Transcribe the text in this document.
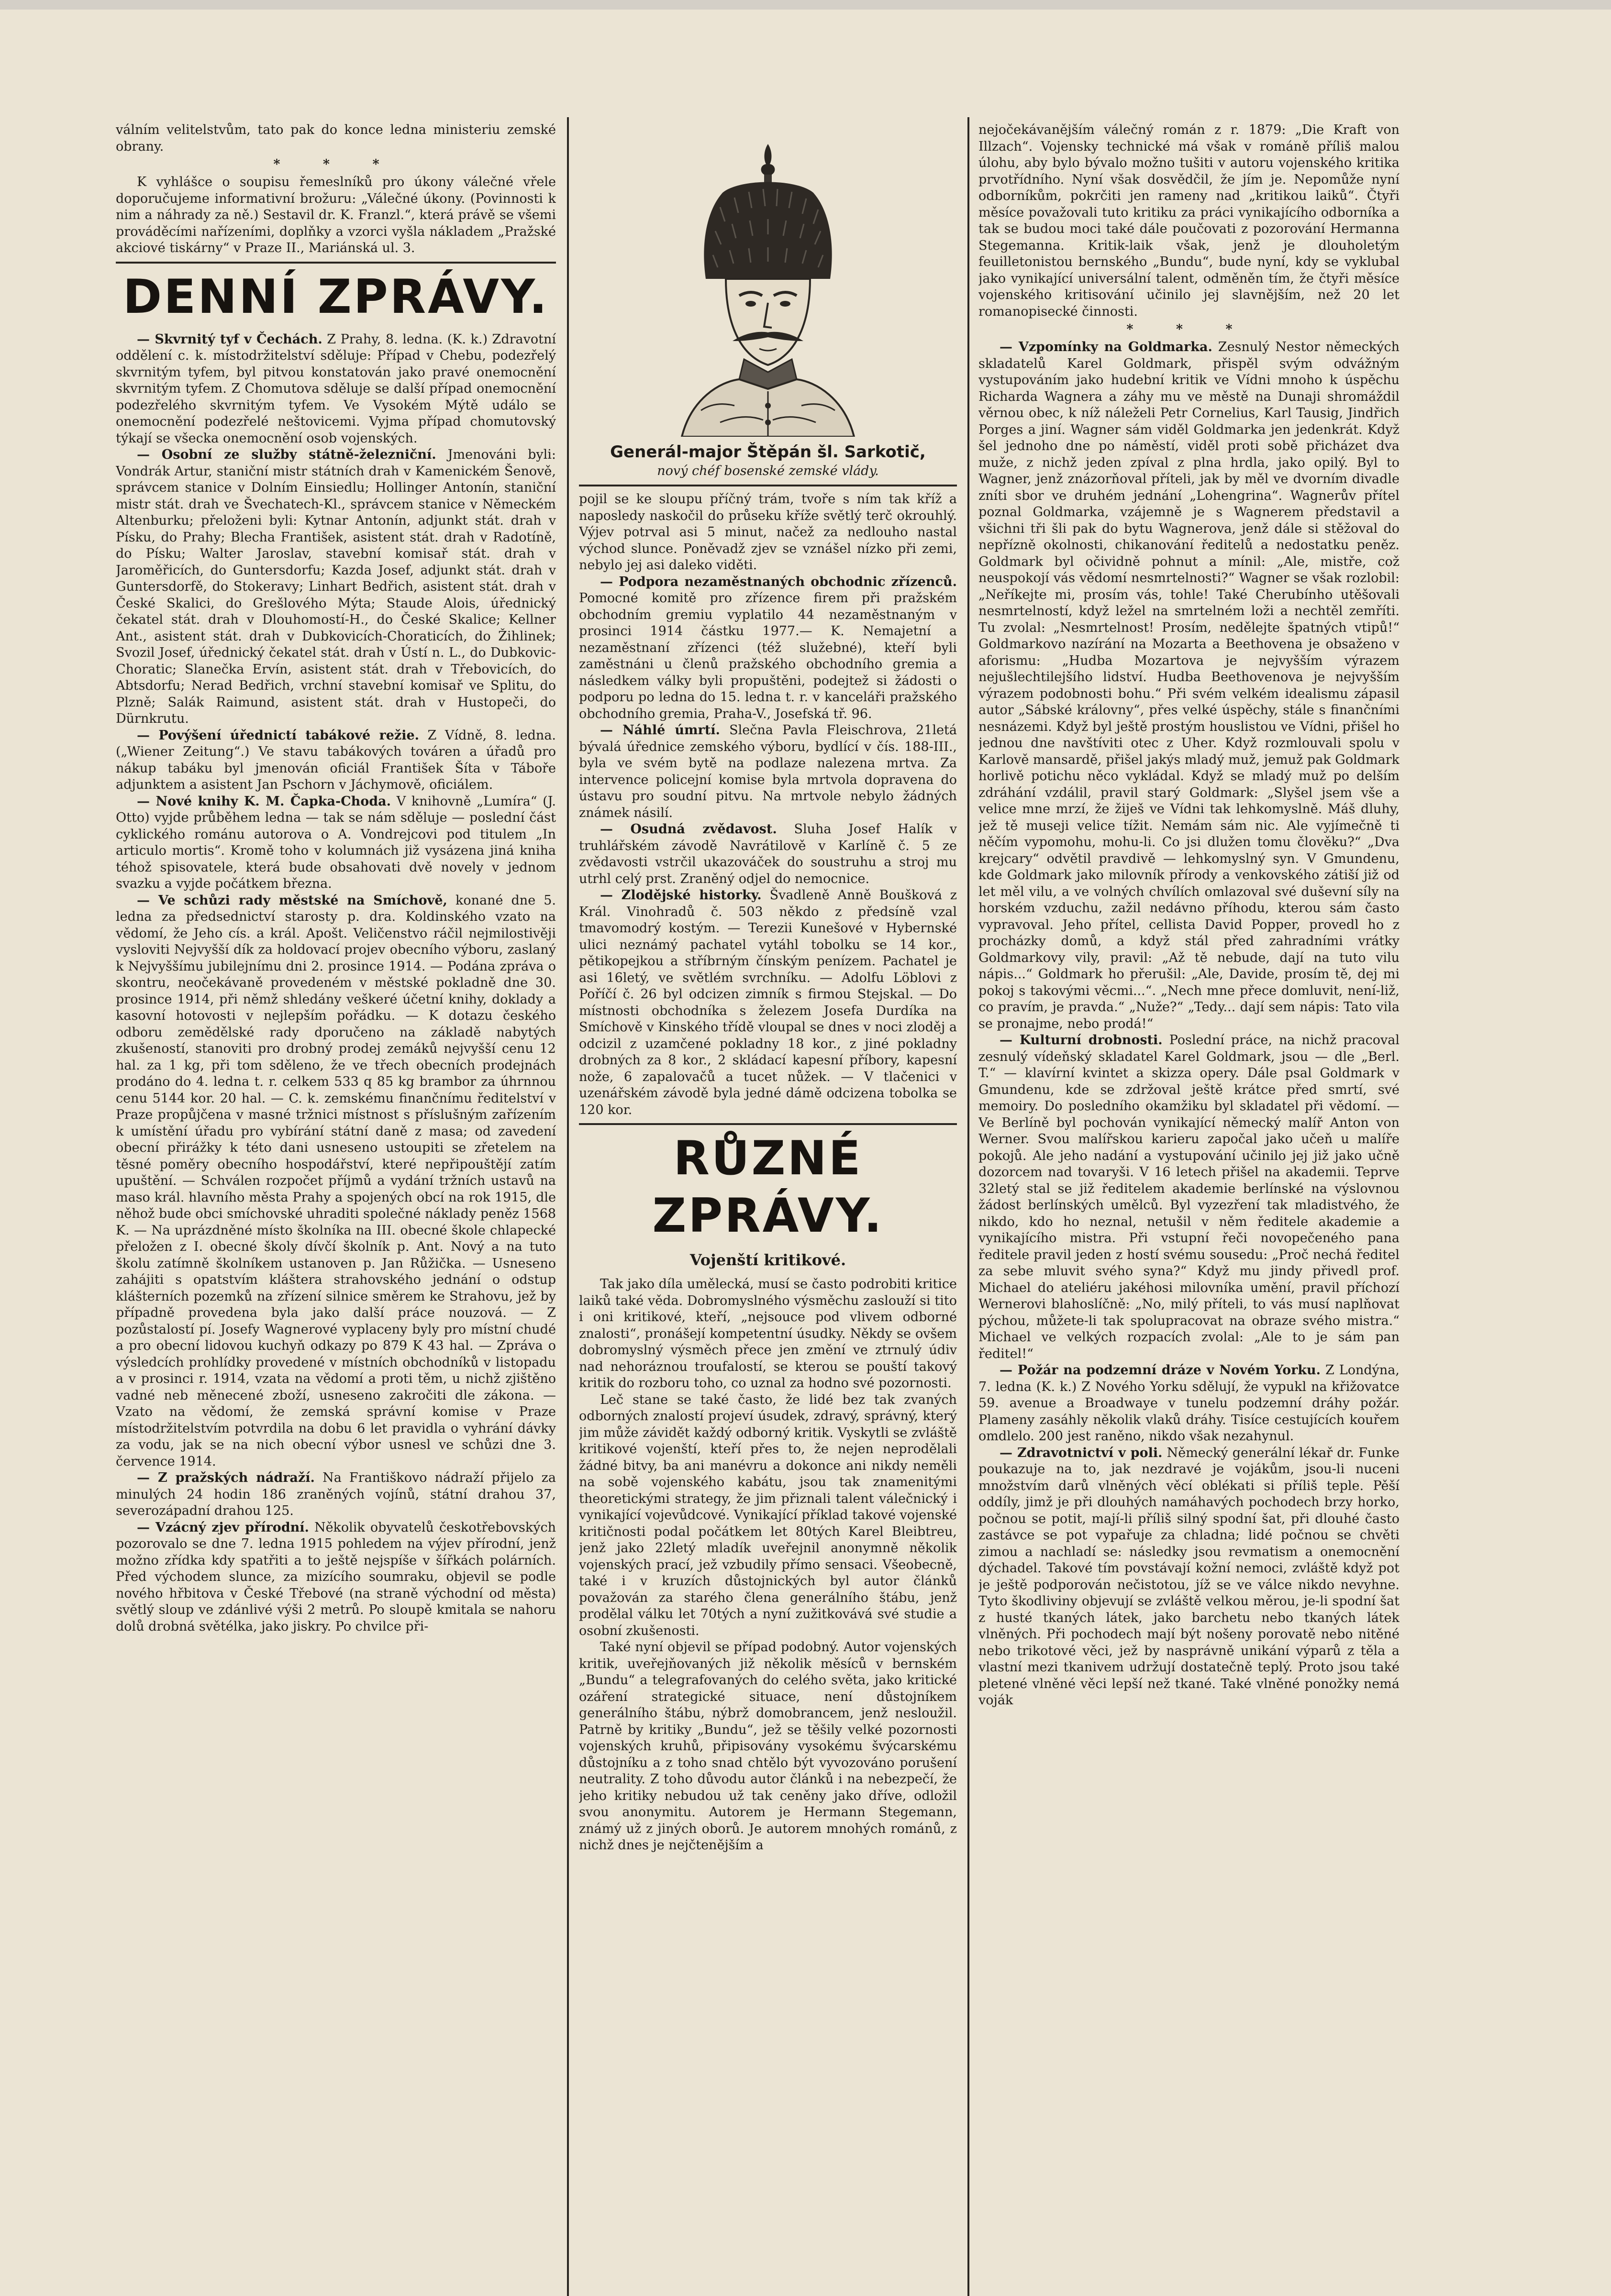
válním velitelstvům, tato pak do konce ledna ministeriu zemské obrany.

* * *

K vyhlášce o soupisu řemeslníků pro úkony válečné vřele doporučujeme informativní brožuru: „Válečné úkony. (Povinnosti k nim a náhrady za ně.) Sestavil dr. K. Franzl.“, která právě se všemi prováděcími nařízeními, doplňky a vzorci vyšla nákladem „Pražské akciové tiskárny“ v Praze II., Mariánská ul. 3.

DENNÍ ZPRÁVY.

— Skvrnitý tyf v Čechách. Z Prahy, 8. ledna. (K. k.) Zdravotní oddělení c. k. místodržitelství sděluje: Případ v Chebu, podezřelý skvrnitým tyfem, byl pitvou konstatován jako pravé onemocnění skvrnitým tyfem. Z Chomutova sděluje se další případ onemocnění podezřelého skvrnitým tyfem. Ve Vysokém Mýtě událo se onemocnění podezřelé neštovicemi. Vyjma případ chomutovský týkají se všecka onemocnění osob vojenských.

— Osobní ze služby státně-železniční. Jmenováni byli: Vondrák Artur, staniční mistr státních drah v Kamenickém Šenově, správcem stanice v Dolním Einsiedlu; Hollinger Antonín, staniční mistr stát. drah ve Švechatech-Kl., správcem stanice v Německém Altenburku; přeloženi byli: Kytnar Antonín, adjunkt stát. drah v Písku, do Prahy; Blecha František, asistent stát. drah v Radotíně, do Písku; Walter Jaroslav, stavební komisař stát. drah v Jaroměřicích, do Guntersdorfu; Kazda Josef, adjunkt stát. drah v Guntersdorfě, do Stokeravy; Linhart Bedřich, asistent stát. drah v České Skalici, do Grešlového Mýta; Staude Alois, úřednický čekatel stát. drah v Dlouhomostí-H., do České Skalice; Kellner Ant., asistent stát. drah v Dubkovicích-Choraticích, do Žihlinek; Svozil Josef, úřednický čekatel stát. drah v Ústí n. L., do Dubkovic-Choratic; Slanečka Ervín, asistent stát. drah v Třebovicích, do Abtsdorfu; Nerad Bedřich, vrchní stavební komisař ve Splitu, do Plzně; Salák Raimund, asistent stát. drah v Hustopeči, do Dürnkrutu.

— Povýšení úřednictí tabákové režie. Z Vídně, 8. ledna. („Wiener Zeitung“.) Ve stavu tabákových továren a úřadů pro nákup tabáku byl jmenován oficiál František Šíta v Táboře adjunktem a asistent Jan Pschorn v Jáchymově, oficiálem.

— Nové knihy K. M. Čapka-Choda. V knihovně „Lumíra“ (J. Otto) vyjde průběhem ledna — tak se nám sděluje — poslední část cyklického románu autorova o A. Vondrejcovi pod titulem „In articulo mortis“. Kromě toho v kolumnách již vysázena jiná kniha téhož spisovatele, která bude obsahovati dvě novely v jednom svazku a vyjde počátkem března.

— Ve schůzi rady městské na Smíchově, konané dne 5. ledna za předsednictví starosty p. dra. Koldinského vzato na vědomí, že Jeho cís. a král. Apošt. Veličenstvo ráčil nejmilostivěji vysloviti Nejvyšší dík za holdovací projev obecního výboru, zaslaný k Nejvyššímu jubilejnímu dni 2. prosince 1914. — Podána zpráva o skontru, neočekávaně provedeném v městské pokladně dne 30. prosince 1914, při němž shledány veškeré účetní knihy, doklady a kasovní hotovosti v nejlepším pořádku. — K dotazu českého odboru zemědělské rady dporučeno na základě nabytých zkušeností, stanoviti pro drobný prodej zemáků nejvyšší cenu 12 hal. za 1 kg, při tom sděleno, že ve třech obecních prodejnách prodáno do 4. ledna t. r. celkem 533 q 85 kg brambor za úhrnnou cenu 5144 kor. 20 hal. — C. k. zemskému finančnímu ředitelství v Praze propůjčena v masné tržnici místnost s příslušným zařízením k umístění úřadu pro vybírání státní daně z masa; od zavedení obecní přirážky k této dani usneseno ustoupiti se zřetelem na těsné poměry obecního hospodářství, které nepřipouštějí zatím upuštění. — Schválen rozpočet příjmů a vydání tržních ustavů na maso král. hlavního města Prahy a spojených obcí na rok 1915, dle něhož bude obci smíchovské uhraditi společné náklady peněz 1568 K. — Na uprázdněné místo školníka na III. obecné škole chlapecké přeložen z I. obecné školy dívčí školník p. Ant. Nový a na tuto školu zatímně školníkem ustanoven p. Jan Růžička. — Usneseno zahájiti s opatstvím kláštera strahovského jednání o odstup klášterních pozemků na zřízení silnice směrem ke Strahovu, jež by případně provedena byla jako další práce nouzová. — Z pozůstalostí pí. Josefy Wagnerové vyplaceny byly pro místní chudé a pro obecní lidovou kuchyň odkazy po 879 K 43 hal. — Zpráva o výsledcích prohlídky provedené v místních obchodníků v listopadu a v prosinci r. 1914, vzata na vědomí a proti těm, u nichž zjištěno vadné neb měnecené zboží, usneseno zakročiti dle zákona. — Vzato na vědomí, že zemská správní komise v Praze místodržitelstvím potvrdila na dobu 6 let pravidla o vyhrání dávky za vodu, jak se na nich obecní výbor usnesl ve schůzi dne 3. července 1914.

— Z pražských nádraží. Na Františkovo nádraží přijelo za minulých 24 hodin 186 zraněných vojínů, státní drahou 37, severozápadní drahou 125.

— Vzácný zjev přírodní. Několik obyvatelů českotřebovských pozorovalo se dne 7. ledna 1915 pohledem na výjev přírodní, jenž možno zřídka kdy spatřiti a to ještě nejspíše v šířkách polárních. Před východem slunce, za mizícího soumraku, objevil se podle nového hřbitova v České Třebové (na straně východní od města) světlý sloup ve zdánlivé výši 2 metrů. Po sloupě kmitala se nahoru dolů drobná světélka, jako jiskry. Po chvilce při-

Generál-major Štěpán šl. Sarkotič,
nový chéf bosenské zemské vlády.

pojil se ke sloupu příčný trám, tvoře s ním tak kříž a naposledy naskočil do průseku kříže světlý terč okrouhlý. Výjev potrval asi 5 minut, načež za nedlouho nastal východ slunce. Poněvadž zjev se vznášel nízko při zemi, nebylo jej asi daleko viděti.

— Podpora nezaměstnaných obchodnic zřízenců. Pomocné komitě pro zřízence firem při pražském obchodním gremiu vyplatilo 44 nezaměstnaným v prosinci 1914 částku 1977.— K. Nemajetní a nezaměstnaní zřízenci (též služebné), kteří byli zaměstnáni u členů pražského obchodního gremia a následkem války byli propuštěni, podejtež si žádosti o podporu po ledna do 15. ledna t. r. v kanceláři pražského obchodního gremia, Praha-V., Josefská tř. 96.

— Náhlé úmrtí. Slečna Pavla Fleischrova, 21letá bývalá úřednice zemského výboru, bydlící v čís. 188-III., byla ve svém bytě na podlaze nalezena mrtva. Za intervence policejní komise byla mrtvola dopravena do ústavu pro soudní pitvu. Na mrtvole nebylo žádných známek násilí.

— Osudná zvědavost. Sluha Josef Halík v truhlářském závodě Navrátilově v Karlíně č. 5 ze zvědavosti vstrčil ukazováček do soustruhu a stroj mu utrhl celý prst. Zraněný odjel do nemocnice.

— Zlodějské historky. Švadleně Anně Boušková z Král. Vinohradů č. 503 někdo z předsíně vzal tmavomodrý kostým. — Terezii Kunešové v Hybernské ulici neznámý pachatel vytáhl tobolku se 14 kor., pětikopejkou a stříbrným čínským penízem. Pachatel je asi 16letý, ve světlém svrchníku. — Adolfu Löblovi z Poříčí č. 26 byl odcizen zimník s firmou Stejskal. — Do místnosti obchodníka s železem Josefa Durdíka na Smíchově v Kinského třídě vloupal se dnes v noci zloděj a odcizil z uzamčené pokladny 18 kor., z jiné pokladny drobných za 8 kor., 2 skládací kapesní příbory, kapesní nože, 6 zapalovačů a tucet nůžek. — V tlačenici v uzenářském závodě byla jedné dámě odcizena tobolka se 120 kor.

RŮZNÉ ZPRÁVY.
Vojenští kritikové.

Tak jako díla umělecká, musí se často podrobiti kritice laiků také věda. Dobromyslného výsměchu zaslouží si tito i oni kritikové, kteří, „nejsouce pod vlivem odborné znalosti“, pronášejí kompetentní úsudky. Někdy se ovšem dobromyslný výsměch přece jen změní ve ztrnulý údiv nad nehoráznou troufalostí, se kterou se pouští takový kritik do rozboru toho, co uznal za hodno své pozornosti.

Leč stane se také často, že lidé bez tak zvaných odborných znalostí projeví úsudek, zdravý, správný, který jim může závidět každý odborný kritik. Vyskytli se zvláště kritikové vojenští, kteří přes to, že nejen neprodělali žádné bitvy, ba ani manévru a dokonce ani nikdy neměli na sobě vojenského kabátu, jsou tak znamenitými theoretickými strategy, že jim přiznali talent válečnický i vynikající vojevůdcové. Vynikající příklad takové vojenské kritičnosti podal počátkem let 80tých Karel Bleibtreu, jenž jako 22letý mladík uveřejnil anonymně několik vojenských prací, jež vzbudily přímo sensaci. Všeobecně, také i v kruzích důstojnických byl autor článků považován za starého člena generálního štábu, jenž prodělal válku let 70tých a nyní zužitkovává své studie a osobní zkušenosti.

Také nyní objevil se případ podobný. Autor vojenských kritik, uveřejňovaných již několik měsíců v bernském „Bundu“ a telegrafovaných do celého světa, jako kritické ozáření strategické situace, není důstojníkem generálního štábu, nýbrž domobrancem, jenž nesloužil. Patrně by kritiky „Bundu“, jež se těšily velké pozornosti vojenských kruhů, připisovány vysokému švýcarskému důstojníku a z toho snad chtělo být vyvozováno porušení neutrality. Z toho důvodu autor článků i na nebezpečí, že jeho kritiky nebudou už tak ceněny jako dříve, odložil svou anonymitu. Autorem je Hermann Stegemann, známý už z jiných oborů. Je autorem mnohých románů, z nichž dnes je nejčtenějším a

nejočekávanějším válečný román z r. 1879: „Die Kraft von Illzach“. Vojensky technické má však v románě příliš malou úlohu, aby bylo bývalo možno tušiti v autoru vojenského kritika prvotřídního. Nyní však dosvědčil, že jím je. Nepomůže nyní odborníkům, pokrčiti jen rameny nad „kritikou laiků“. Čtyři měsíce považovali tuto kritiku za práci vynikajícího odborníka a tak se budou moci také dále poučovati z pozorování Hermanna Stegemanna. Kritik-laik však, jenž je dlouholetým feuilletonistou bernského „Bundu“, bude nyní, kdy se vyklubal jako vynikající universální talent, odměněn tím, že čtyři měsíce vojenského kritisování učinilo jej slavnějším, než 20 let romanopisecké činnosti.

* * *

— Vzpomínky na Goldmarka. Zesnulý Nestor německých skladatelů Karel Goldmark, přispěl svým odvážným vystupováním jako hudební kritik ve Vídni mnoho k úspěchu Richarda Wagnera a záhy mu ve městě na Dunaji shromáždil věrnou obec, k níž náleželi Petr Cornelius, Karl Tausig, Jindřich Porges a jiní. Wagner sám viděl Goldmarka jen jedenkrát. Když šel jednoho dne po náměstí, viděl proti sobě přicházet dva muže, z nichž jeden zpíval z plna hrdla, jako opilý. Byl to Wagner, jenž znázorňoval příteli, jak by měl ve dvorním divadle zníti sbor ve druhém jednání „Lohengrina“. Wagnerův přítel poznal Goldmarka, vzájemně je s Wagnerem představil a všichni tři šli pak do bytu Wagnerova, jenž dále si stěžoval do nepřízně okolnosti, chikanování ředitelů a nedostatku peněz. Goldmark byl očividně pohnut a mínil: „Ale, mistře, což neuspokojí vás vědomí nesmrtelnosti?“ Wagner se však rozlobil: „Neříkejte mi, prosím vás, tohle! Také Cherubínho utěšovali nesmrtelností, když ležel na smrtelném loži a nechtěl zemříti. Tu zvolal: „Nesmrtelnost! Prosím, nedělejte špatných vtipů!“ Goldmarkovo nazírání na Mozarta a Beethovena je obsaženo v aforismu: „Hudba Mozartova je nejvyšším výrazem nejušlechtilejšího lidství. Hudba Beethovenova je nejvyšším výrazem podobnosti bohu.“ Při svém velkém idealismu zápasil autor „Sábské královny“, přes velké úspěchy, stále s finančními nesnázemi. Když byl ještě prostým houslistou ve Vídni, přišel ho jednou dne navštíviti otec z Uher. Když rozmlouvali spolu v Karlově mansardě, přišel jakýs mladý muž, jemuž pak Goldmark horlivě potichu něco vykládal. Když se mladý muž po delším zdráhání vzdálil, pravil starý Goldmark: „Slyšel jsem vše a velice mne mrzí, že žiješ ve Vídni tak lehkomyslně. Máš dluhy, jež tě museji velice tížit. Nemám sám nic. Ale vyjímečně ti něčím vypomohu, mohu-li. Co jsi dlužen tomu člověku?“ „Dva krejcary“ odvětil pravdivě — lehkomyslný syn. V Gmundenu, kde Goldmark jako milovník přírody a venkovského zátiší již od let měl vilu, a ve volných chvílích omlazoval své duševní síly na horském vzduchu, zažil nedávno příhodu, kterou sám často vypravoval. Jeho přítel, cellista David Popper, provedl ho z procházky domů, a když stál před zahradními vrátky Goldmarkovy vily, pravil: „Až tě nebude, dají na tuto vilu nápis...“ Goldmark ho přerušil: „Ale, Davide, prosím tě, dej mi pokoj s takovými věcmi...“. „Nech mne přece domluvit, není-liž, co pravím, je pravda.“ „Nuže?“ „Tedy... dají sem nápis: Tato vila se pronajme, nebo prodá!“

— Kulturní drobnosti. Poslední práce, na nichž pracoval zesnulý vídeňský skladatel Karel Goldmark, jsou — dle „Berl. T.“ — klavírní kvintet a skizza opery. Dále psal Goldmark v Gmundenu, kde se zdržoval ještě krátce před smrtí, své memoiry. Do posledního okamžiku byl skladatel při vědomí. — Ve Berlíně byl pochován vynikající německý malíř Anton von Werner. Svou malířskou karieru započal jako učeň u malíře pokojů. Ale jeho nadání a vystupování učinilo jej již jako učně dozorcem nad tovaryši. V 16 letech přišel na akademii. Teprve 32letý stal se již ředitelem akademie berlínské na výslovnou žádost berlínských umělců. Byl vyzezření tak mladistvého, že nikdo, kdo ho neznal, netušil v něm ředitele akademie a vynikajícího mistra. Při vstupní řeči novopečeného pana ředitele pravil jeden z hostí svému sousedu: „Proč nechá ředitel za sebe mluvit svého syna?“ Když mu jindy přivedl prof. Michael do ateliéru jakéhosi milovníka umění, pravil příchozí Wernerovi blahoslíčně: „No, milý příteli, to vás musí naplňovat pýchou, můžete-li tak spolupracovat na obraze svého mistra.“ Michael ve velkých rozpacích zvolal: „Ale to je sám pan ředitel!“

— Požár na podzemní dráze v Novém Yorku. Z Londýna, 7. ledna (K. k.) Z Nového Yorku sdělují, že vypukl na křižovatce 59. avenue a Broadwaye v tunelu podzemní dráhy požár. Plameny zasáhly několik vlaků dráhy. Tisíce cestujících kouřem omdlelo. 200 jest raněno, nikdo však nezahynul.

— Zdravotnictví v poli. Německý generální lékař dr. Funke poukazuje na to, jak nezdravé je vojákům, jsou-li nuceni množstvím darů vlněných věcí oblékati si příliš teple. Pěší oddíly, jimž je při dlouhých namáhavých pochodech brzy horko, počnou se potit, mají-li příliš silný spodní šat, při dlouhé často zastávce se pot vypařuje za chladna; lidé počnou se chvěti zimou a nachladí se: následky jsou revmatism a onemocnění dýchadel. Takové tím povstávají kožní nemoci, zvláště když pot je ještě podporován nečistotou, jíž se ve válce nikdo nevyhne. Tyto škodliviny objevují se zvláště velkou měrou, je-li spodní šat z husté tkaných látek, jako barchetu nebo tkaných látek vlněných. Při pochodech mají být nošeny porovatě nebo nitěné nebo trikotové věci, jež by nasprávně unikání výparů z těla a vlastní mezi tkanivem udržují dostatečně teplý. Proto jsou také pletené vlněné věci lepší než tkané. Také vlněné ponožky nemá voják
